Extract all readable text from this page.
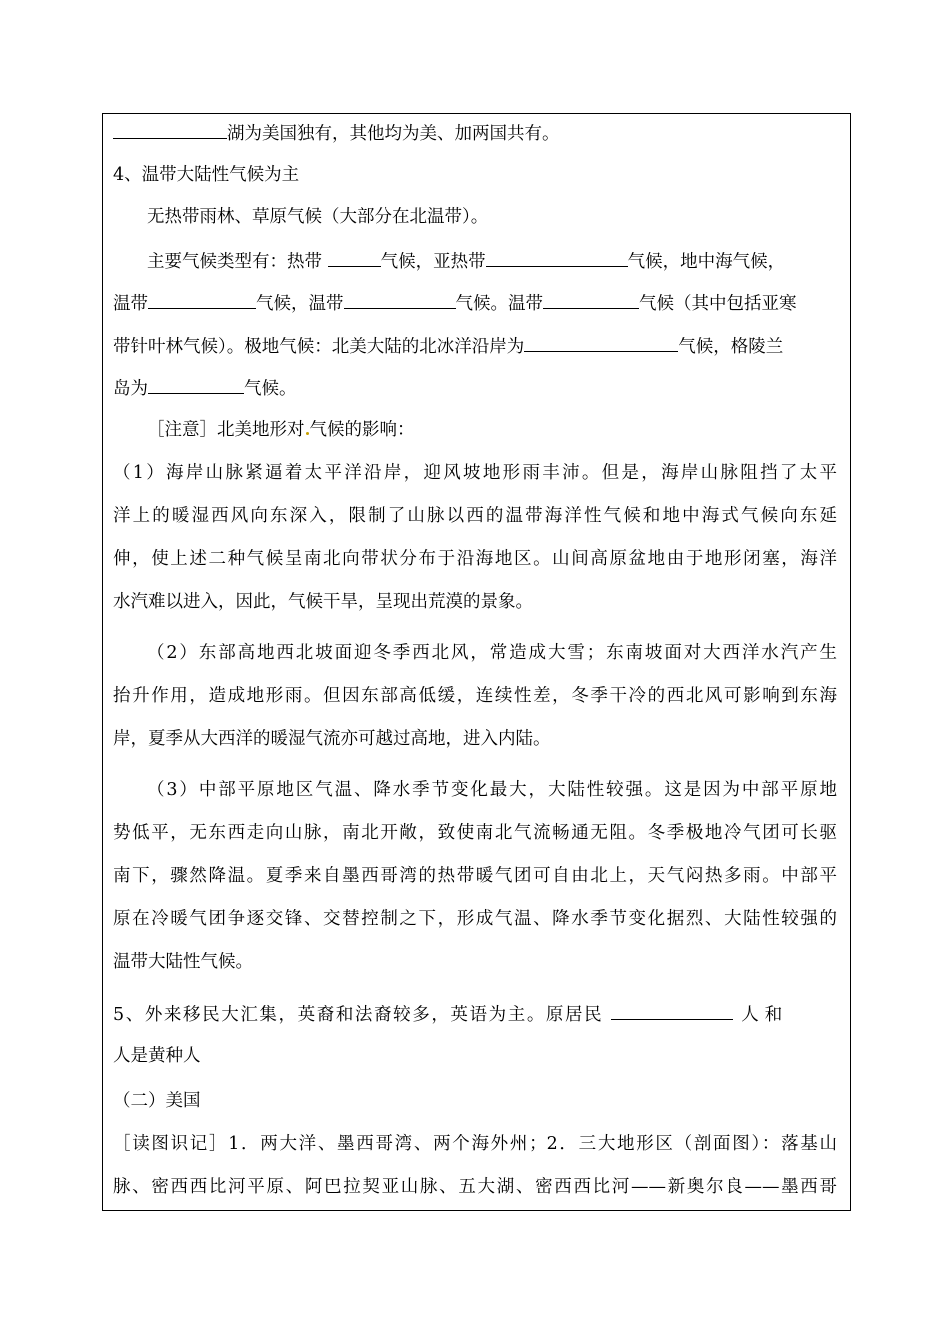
湖为美国独有，其他均为美、加两国共有。
4、温带大陆性气候为主
无热带雨林、草原气候（大部分在北温带）。
主要气候类型有：热带	气候，亚热带	气候，地中海气候，
温带	气候，温带	气候。温带	气候（其中包括亚寒
带针叶林气候）。极地气候：北美大陆的北冰洋沿岸为	气候，格陵兰
岛为	气候。
［注意］北美地形对 气候的影响：
（1）海岸山脉紧逼着太平洋沿岸，迎风坡地形雨丰沛。但是，海岸山脉阻挡了太平
洋上的暖湿西风向东深入，限制了山脉以西的温带海洋性气候和地中海式气候向东延
伸，使上述二种气候呈南北向带状分布于沿海地区。山间高原盆地由于地形闭塞，海洋
水汽难以进入，因此，气候干旱，呈现出荒漠的景象。
（2）东部高地西北坡面迎冬季西北风，常造成大雪；东南坡面对大西洋水汽产生
抬升作用，造成地形雨。但因东部高低缓，连续性差，冬季干冷的西北风可影响到东海
岸，夏季从大西洋的暖湿气流亦可越过高地，进入内陆。
（3）中部平原地区气温、降水季节变化最大，大陆性较强。这是因为中部平原地
势低平，无东西走向山脉，南北开敞，致使南北气流畅通无阻。冬季极地冷气团可长驱
南下，骤然降温。夏季来自墨西哥湾的热带暖气团可自由北上，天气闷热多雨。中部平
原在冷暖气团争逐交锋、交替控制之下，形成气温、降水季节变化据烈、大陆性较强的
温带大陆性气候。
5、外来移民大汇集，英裔和法裔较多，英语为主。原居民	人和
人是黄种人
（二）美国
［读图识记］1．两大洋、墨西哥湾、两个海外州；2．三大地形区（剖面图）：落基山
脉、密西西比河平原、阿巴拉契亚山脉、五大湖、密西西比河——新奥尔良——墨西哥
